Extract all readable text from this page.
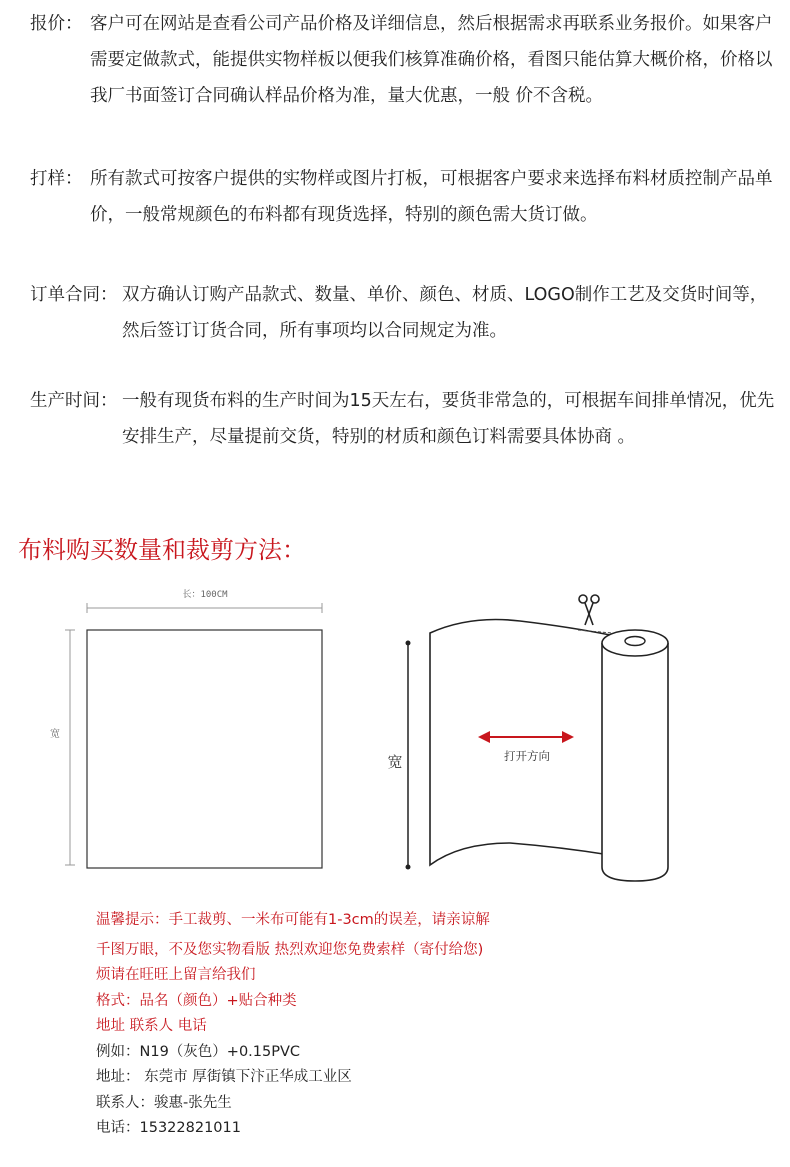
报价： 客户可在网站是查看公司产品价格及详细信息，然后根据需求再联系业务报价。如果客户需要定做款式，能提供实物样板以便我们核算准确价格，看图只能估算大概价格，价格以我厂书面签订合同确认样品价格为准，量大优惠，一般 价不含税。

打样： 所有款式可按客户提供的实物样或图片打板，可根据客户要求来选择布料材质控制产品单价，一般常规颜色的布料都有现货选择，特别的颜色需大货订做。

订单合同： 双方确认订购产品款式、数量、单价、颜色、材质、LOGO制作工艺及交货时间等，然后签订订货合同，所有事项均以合同规定为准。

生产时间： 一般有现货布料的生产时间为15天左右，要货非常急的，可根据车间排单情况，优先安排生产，尽量提前交货，特别的材质和颜色订料需要具体协商 。

布料购买数量和裁剪方法：
长：100CM
宽
宽	打开方向
温馨提示：手工裁剪、一米布可能有1-3cm的误差，请亲谅解
千图万眼，不及您实物看版 热烈欢迎您免费索样（寄付给您)
烦请在旺旺上留言给我们
格式：品名（颜色）+贴合种类
地址 联系人 电话
例如：N19（灰色）+0.15PVC
地址： 东莞市 厚街镇下汴正华成工业区
联系人：骏惠-张先生
电话：15322821011
